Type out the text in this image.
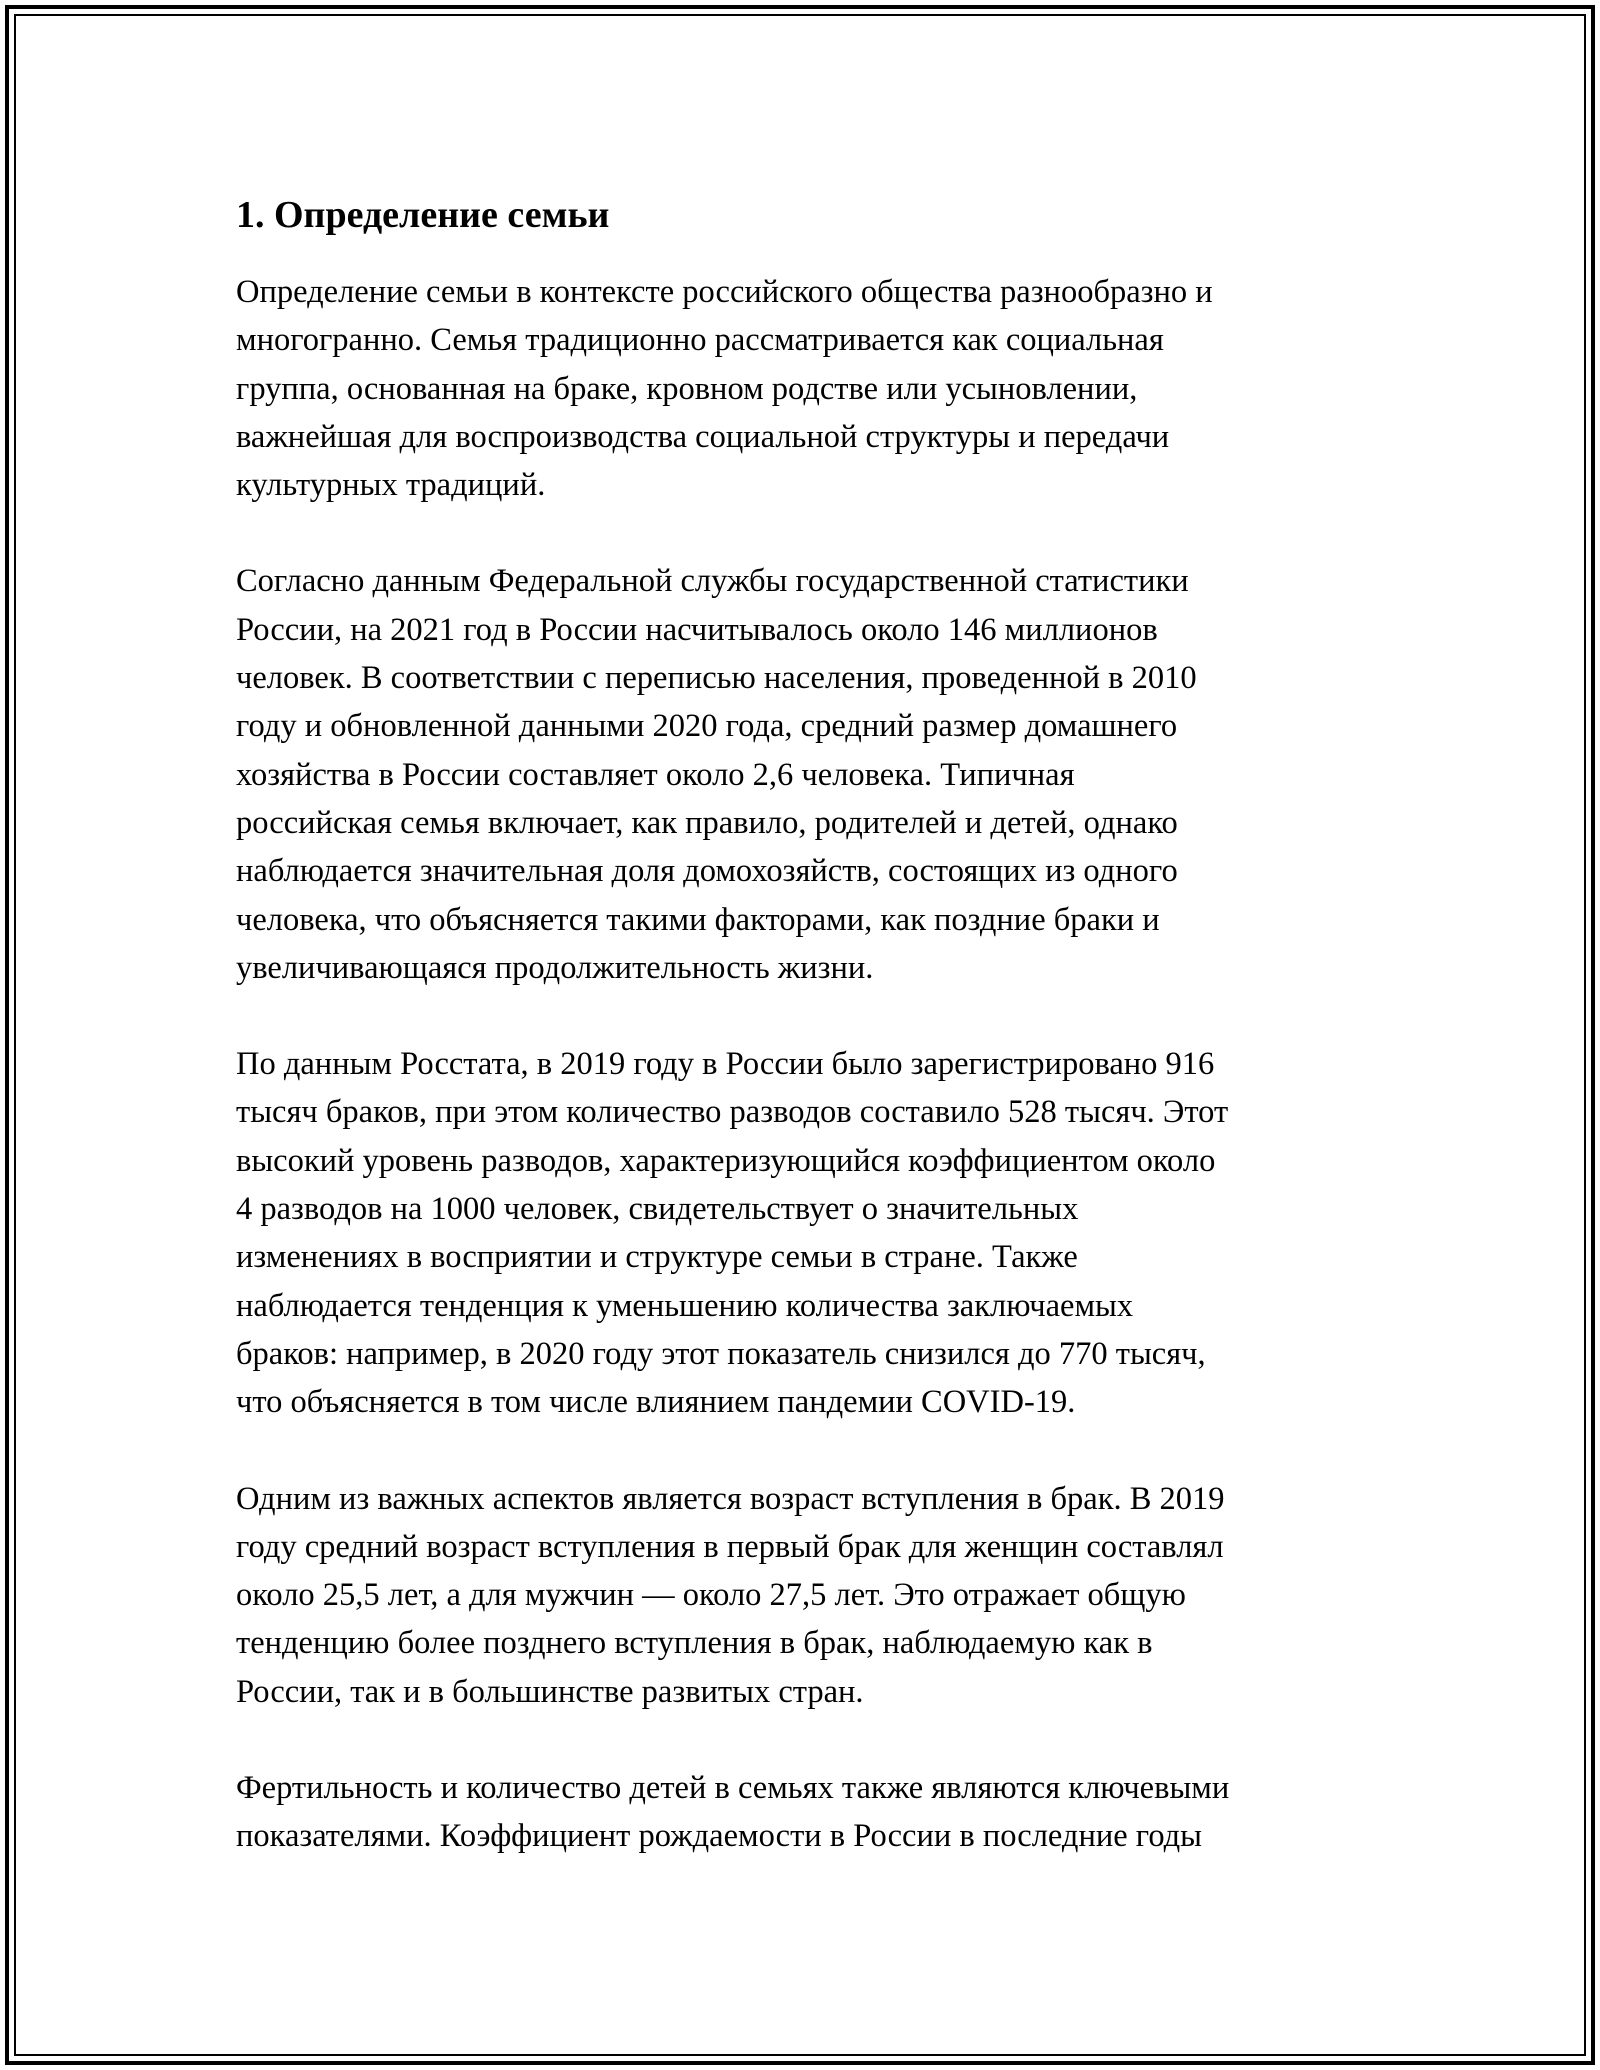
1. Определение семьи

Определение семьи в контексте российского общества разнообразно и
многогранно. Семья традиционно рассматривается как социальная
группа, основанная на браке, кровном родстве или усыновлении,
важнейшая для воспроизводства социальной структуры и передачи
культурных традиций.

Согласно данным Федеральной службы государственной статистики
России, на 2021 год в России насчитывалось около 146 миллионов
человек. В соответствии с переписью населения, проведенной в 2010
году и обновленной данными 2020 года, средний размер домашнего
хозяйства в России составляет около 2,6 человека. Типичная
российская семья включает, как правило, родителей и детей, однако
наблюдается значительная доля домохозяйств, состоящих из одного
человека, что объясняется такими факторами, как поздние браки и
увеличивающаяся продолжительность жизни.

По данным Росстата, в 2019 году в России было зарегистрировано 916
тысяч браков, при этом количество разводов составило 528 тысяч. Этот
высокий уровень разводов, характеризующийся коэффициентом около
4 разводов на 1000 человек, свидетельствует о значительных
изменениях в восприятии и структуре семьи в стране. Также
наблюдается тенденция к уменьшению количества заключаемых
браков: например, в 2020 году этот показатель снизился до 770 тысяч,
что объясняется в том числе влиянием пандемии COVID-19.

Одним из важных аспектов является возраст вступления в брак. В 2019
году средний возраст вступления в первый брак для женщин составлял
около 25,5 лет, а для мужчин — около 27,5 лет. Это отражает общую
тенденцию более позднего вступления в брак, наблюдаемую как в
России, так и в большинстве развитых стран.

Фертильность и количество детей в семьях также являются ключевыми
показателями. Коэффициент рождаемости в России в последние годы
